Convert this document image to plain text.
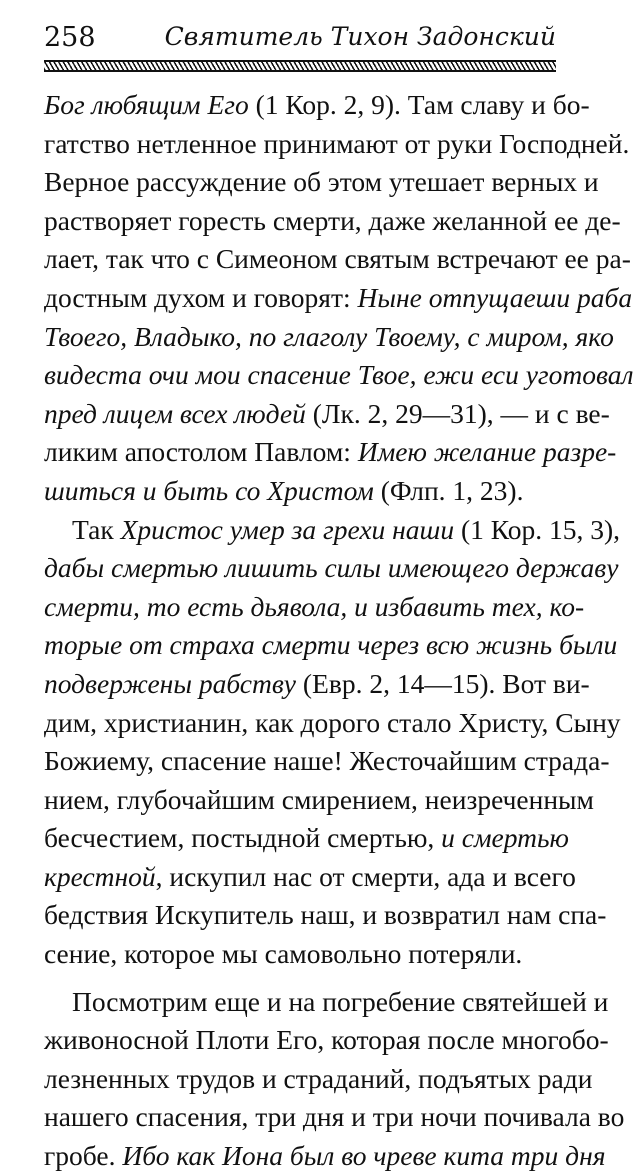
258	Святитель Тихон Задонский
Бог любящим Его (1 Кор. 2, 9). Там славу и бо-
гатство нетленное принимают от руки Господней.
Верное рассуждение об этом утешает верных и
растворяет горесть смерти, даже желанной ее де-
лает, так что с Симеоном святым встречают ее ра-
достным духом и говорят: Ныне отпущаеши раба
Твоего, Владыко, по глаголу Твоему, с миром, яко
видеста очи мои спасение Твое, ежи еси уготовал
пред лицем всех людей (Лк. 2, 29—31), — и с ве-
ликим апостолом Павлом: Имею желание разре-
шиться и быть со Христом (Флп. 1, 23).
Так Христос умер за грехи наши (1 Кор. 15, 3),
дабы смертью лишить силы имеющего державу
смерти, то есть дьявола, и избавить тех, ко-
торые от страха смерти через всю жизнь были
подвержены рабству (Евр. 2, 14—15). Вот ви-
дим, христианин, как дорого стало Христу, Сыну
Божиему, спасение наше! Жесточайшим страда-
нием, глубочайшим смирением, неизреченным
бесчестием, постыдной смертью, и смертью
крестной, искупил нас от смерти, ада и всего
бедствия Искупитель наш, и возвратил нам спа-
сение, которое мы самовольно потеряли.
Посмотрим еще и на погребение святейшей и
живоносной Плоти Его, которая после многобо-
лезненных трудов и страданий, подъятых ради
нашего спасения, три дня и три ночи почивала во
гробе. Ибо как Иона был во чреве кита три дня
